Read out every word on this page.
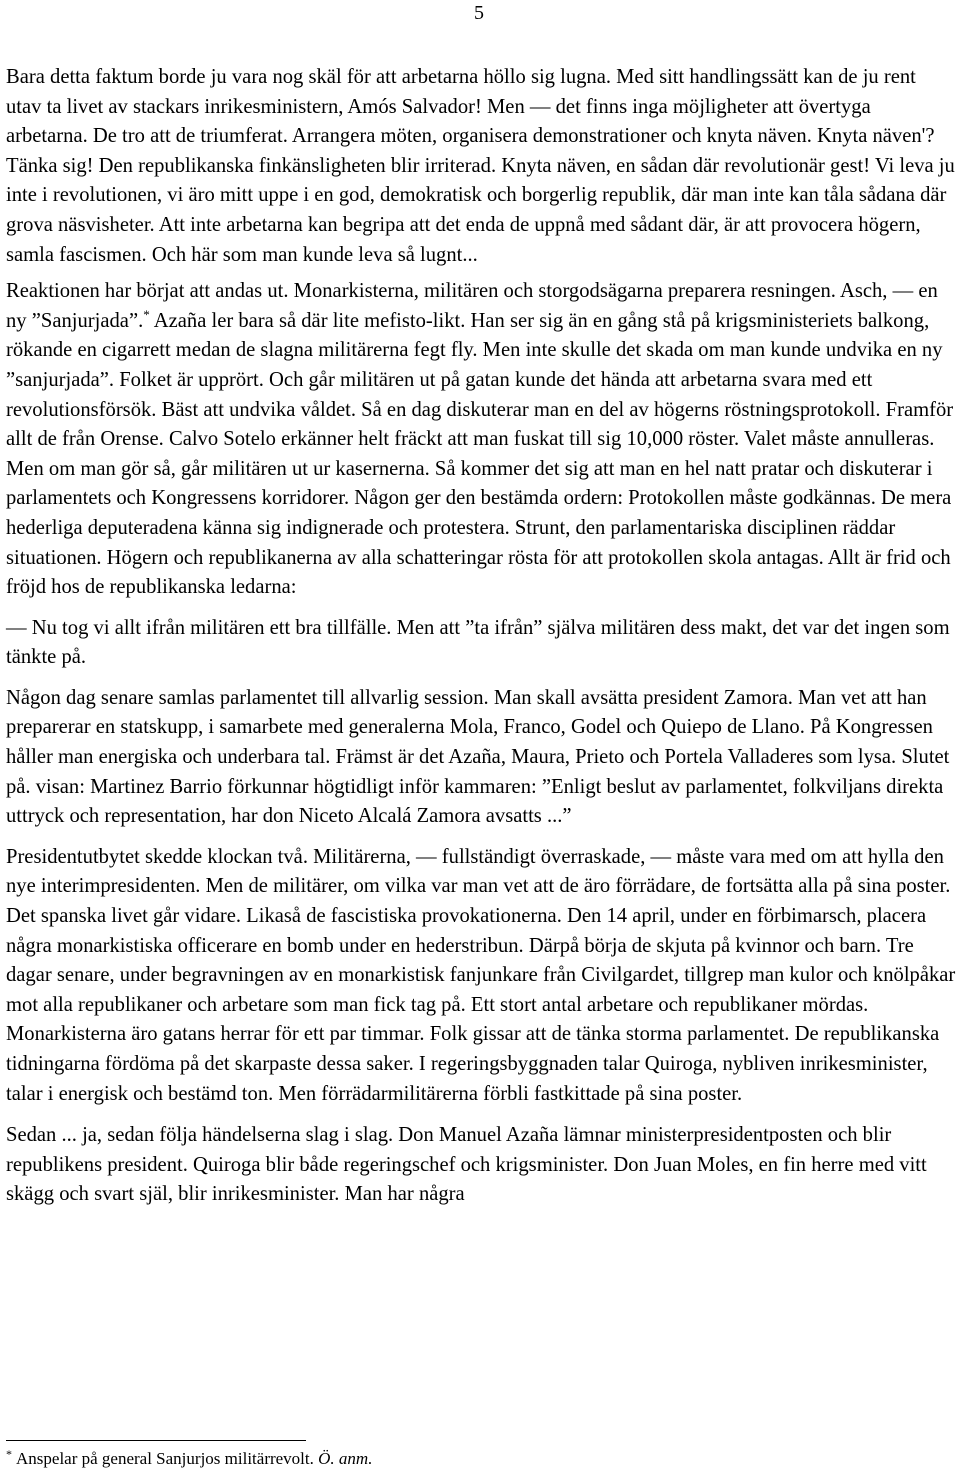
5

Bara detta faktum borde ju vara nog skäl för att arbetarna höllo sig lugna. Med sitt handlingssätt kan de ju rent utav ta livet av stackars inrikesministern, Amós Salvador! Men — det finns inga möjligheter att övertyga arbetarna. De tro att de triumferat. Arrangera möten, organisera demonstrationer och knyta näven. Knyta näven'? Tänka sig! Den republikanska finkänsligheten blir irriterad. Knyta näven, en sådan där revolutionär gest! Vi leva ju inte i revolutionen, vi äro mitt uppe i en god, demokratisk och borgerlig republik, där man inte kan tåla sådana där grova näsvisheter. Att inte arbetarna kan begripa att det enda de uppnå med sådant där, är att provocera högern, samla fascismen. Och här som man kunde leva så lugnt...

Reaktionen har börjat att andas ut. Monarkisterna, militären och storgodsägarna preparera resningen. Asch, — en ny ”Sanjurjada”.* Azaña ler bara så där lite mefisto-likt. Han ser sig än en gång stå på krigsministeriets balkong, rökande en cigarrett medan de slagna militärerna fegt fly. Men inte skulle det skada om man kunde undvika en ny ”sanjurjada”. Folket är upprört. Och går militären ut på gatan kunde det hända att arbetarna svara med ett revolutionsförsök. Bäst att undvika våldet. Så en dag diskuterar man en del av högerns röstningsprotokoll. Framför allt de från Orense. Calvo Sotelo erkänner helt fräckt att man fuskat till sig 10,000 röster. Valet måste annulleras. Men om man gör så, går militären ut ur kasernerna. Så kommer det sig att man en hel natt pratar och diskuterar i parlamentets och Kongressens korridorer. Någon ger den bestämda ordern: Protokollen måste godkännas. De mera hederliga deputeradena känna sig indignerade och protestera. Strunt, den parlamentariska disciplinen räddar situationen. Högern och republikanerna av alla schatteringar rösta för att protokollen skola antagas. Allt är frid och fröjd hos de republikanska ledarna:

— Nu tog vi allt ifrån militären ett bra tillfälle. Men att ”ta ifrån” själva militären dess makt, det var det ingen som tänkte på.

Någon dag senare samlas parlamentet till allvarlig session. Man skall avsätta president Zamora. Man vet att han preparerar en statskupp, i samarbete med generalerna Mola, Franco, Godel och Quiepo de Llano. På Kongressen håller man energiska och underbara tal. Främst är det Azaña, Maura, Prieto och Portela Valladeres som lysa. Slutet på. visan: Martinez Barrio förkunnar högtidligt inför kammaren: ”Enligt beslut av parlamentet, folkviljans direkta uttryck och representation, har don Niceto Alcalá Zamora avsatts ...”

Presidentutbytet skedde klockan två. Militärerna, — fullständigt överraskade, — måste vara med om att hylla den nye interimpresidenten. Men de militärer, om vilka var man vet att de äro förrädare, de fortsätta alla på sina poster. Det spanska livet går vidare. Likaså de fascistiska provokationerna. Den 14 april, under en förbimarsch, placera några monarkistiska officerare en bomb under en hederstribun. Därpå börja de skjuta på kvinnor och barn. Tre dagar senare, under begravningen av en monarkistisk fanjunkare från Civilgardet, tillgrep man kulor och knölpåkar mot alla republikaner och arbetare som man fick tag på. Ett stort antal arbetare och republikaner mördas. Monarkisterna äro gatans herrar för ett par timmar. Folk gissar att de tänka storma parlamentet. De republikanska tidningarna fördöma på det skarpaste dessa saker. I regeringsbyggnaden talar Quiroga, nybliven inrikesminister, talar i energisk och bestämd ton. Men förrädarmilitärerna förbli fastkittade på sina poster.

Sedan ... ja, sedan följa händelserna slag i slag. Don Manuel Azaña lämnar ministerpresidentposten och blir republikens president. Quiroga blir både regeringschef och krigsminister. Don Juan Moles, en fin herre med vitt skägg och svart själ, blir inrikesminister. Man har några

* Anspelar på general Sanjurjos militärrevolt. Ö. anm.
